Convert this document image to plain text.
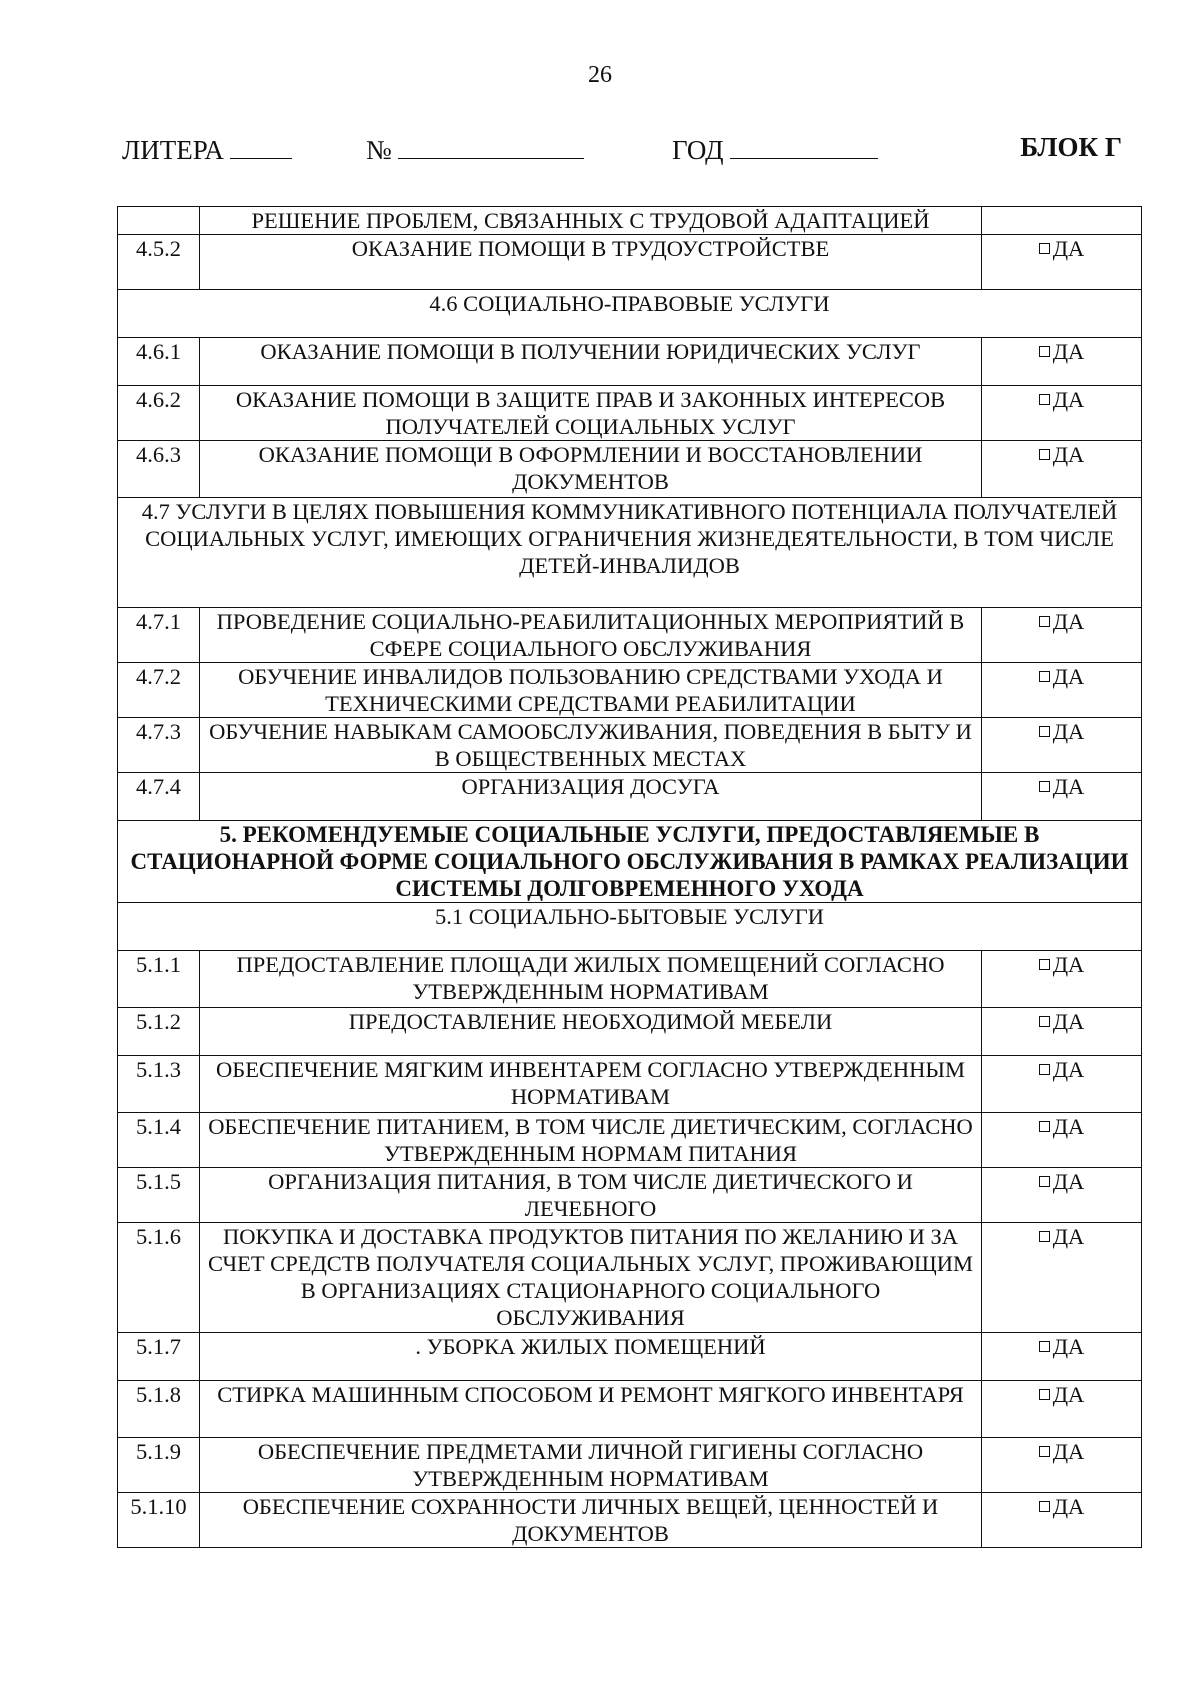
26
ЛИТЕРА	№	ГОД	БЛОК Г
	РЕШЕНИЕ ПРОБЛЕМ, СВЯЗАННЫХ С ТРУДОВОЙ АДАПТАЦИЕЙ	
4.5.2	ОКАЗАНИЕ ПОМОЩИ В ТРУДОУСТРОЙСТВЕ	ДА
4.6 СОЦИАЛЬНО-ПРАВОВЫЕ УСЛУГИ		
4.6.1	ОКАЗАНИЕ ПОМОЩИ В ПОЛУЧЕНИИ ЮРИДИЧЕСКИХ УСЛУГ	ДА
4.6.2	ОКАЗАНИЕ ПОМОЩИ В ЗАЩИТЕ ПРАВ И ЗАКОННЫХ ИНТЕРЕСОВ ПОЛУЧАТЕЛЕЙ СОЦИАЛЬНЫХ УСЛУГ	ДА
4.6.3	ОКАЗАНИЕ ПОМОЩИ В ОФОРМЛЕНИИ И ВОССТАНОВЛЕНИИ ДОКУМЕНТОВ	ДА
4.7 УСЛУГИ В ЦЕЛЯХ ПОВЫШЕНИЯ КОММУНИКАТИВНОГО ПОТЕНЦИАЛА ПОЛУЧАТЕЛЕЙ СОЦИАЛЬНЫХ УСЛУГ, ИМЕЮЩИХ ОГРАНИЧЕНИЯ ЖИЗНЕДЕЯТЕЛЬНОСТИ, В ТОМ ЧИСЛЕ ДЕТЕЙ-ИНВАЛИДОВ		
4.7.1	ПРОВЕДЕНИЕ СОЦИАЛЬНО-РЕАБИЛИТАЦИОННЫХ МЕРОПРИЯТИЙ В СФЕРЕ СОЦИАЛЬНОГО ОБСЛУЖИВАНИЯ	ДА
4.7.2	ОБУЧЕНИЕ ИНВАЛИДОВ ПОЛЬЗОВАНИЮ СРЕДСТВАМИ УХОДА И ТЕХНИЧЕСКИМИ СРЕДСТВАМИ РЕАБИЛИТАЦИИ	ДА
4.7.3	ОБУЧЕНИЕ НАВЫКАМ САМООБСЛУЖИВАНИЯ, ПОВЕДЕНИЯ В БЫТУ И В ОБЩЕСТВЕННЫХ МЕСТАХ	ДА
4.7.4	ОРГАНИЗАЦИЯ ДОСУГА	ДА
5. РЕКОМЕНДУЕМЫЕ СОЦИАЛЬНЫЕ УСЛУГИ, ПРЕДОСТАВЛЯЕМЫЕ В СТАЦИОНАРНОЙ ФОРМЕ СОЦИАЛЬНОГО ОБСЛУЖИВАНИЯ В РАМКАХ РЕАЛИЗАЦИИ СИСТЕМЫ ДОЛГОВРЕМЕННОГО УХОДА		
5.1 СОЦИАЛЬНО-БЫТОВЫЕ УСЛУГИ		
5.1.1	ПРЕДОСТАВЛЕНИЕ ПЛОЩАДИ ЖИЛЫХ ПОМЕЩЕНИЙ СОГЛАСНО УТВЕРЖДЕННЫМ НОРМАТИВАМ	ДА
5.1.2	ПРЕДОСТАВЛЕНИЕ НЕОБХОДИМОЙ МЕБЕЛИ	ДА
5.1.3	ОБЕСПЕЧЕНИЕ МЯГКИМ ИНВЕНТАРЕМ СОГЛАСНО УТВЕРЖДЕННЫМ НОРМАТИВАМ	ДА
5.1.4	ОБЕСПЕЧЕНИЕ ПИТАНИЕМ, В ТОМ ЧИСЛЕ ДИЕТИЧЕСКИМ, СОГЛАСНО УТВЕРЖДЕННЫМ НОРМАМ ПИТАНИЯ	ДА
5.1.5	ОРГАНИЗАЦИЯ ПИТАНИЯ, В ТОМ ЧИСЛЕ ДИЕТИЧЕСКОГО И ЛЕЧЕБНОГО	ДА
5.1.6	ПОКУПКА И ДОСТАВКА ПРОДУКТОВ ПИТАНИЯ ПО ЖЕЛАНИЮ И ЗА СЧЕТ СРЕДСТВ ПОЛУЧАТЕЛЯ СОЦИАЛЬНЫХ УСЛУГ, ПРОЖИВАЮЩИМ В ОРГАНИЗАЦИЯХ СТАЦИОНАРНОГО СОЦИАЛЬНОГО ОБСЛУЖИВАНИЯ	ДА
5.1.7	. УБОРКА ЖИЛЫХ ПОМЕЩЕНИЙ	ДА
5.1.8	СТИРКА МАШИННЫМ СПОСОБОМ И РЕМОНТ МЯГКОГО ИНВЕНТАРЯ	ДА
5.1.9	ОБЕСПЕЧЕНИЕ ПРЕДМЕТАМИ ЛИЧНОЙ ГИГИЕНЫ СОГЛАСНО УТВЕРЖДЕННЫМ НОРМАТИВАМ	ДА
5.1.10	ОБЕСПЕЧЕНИЕ СОХРАННОСТИ ЛИЧНЫХ ВЕЩЕЙ, ЦЕННОСТЕЙ И ДОКУМЕНТОВ	ДА
